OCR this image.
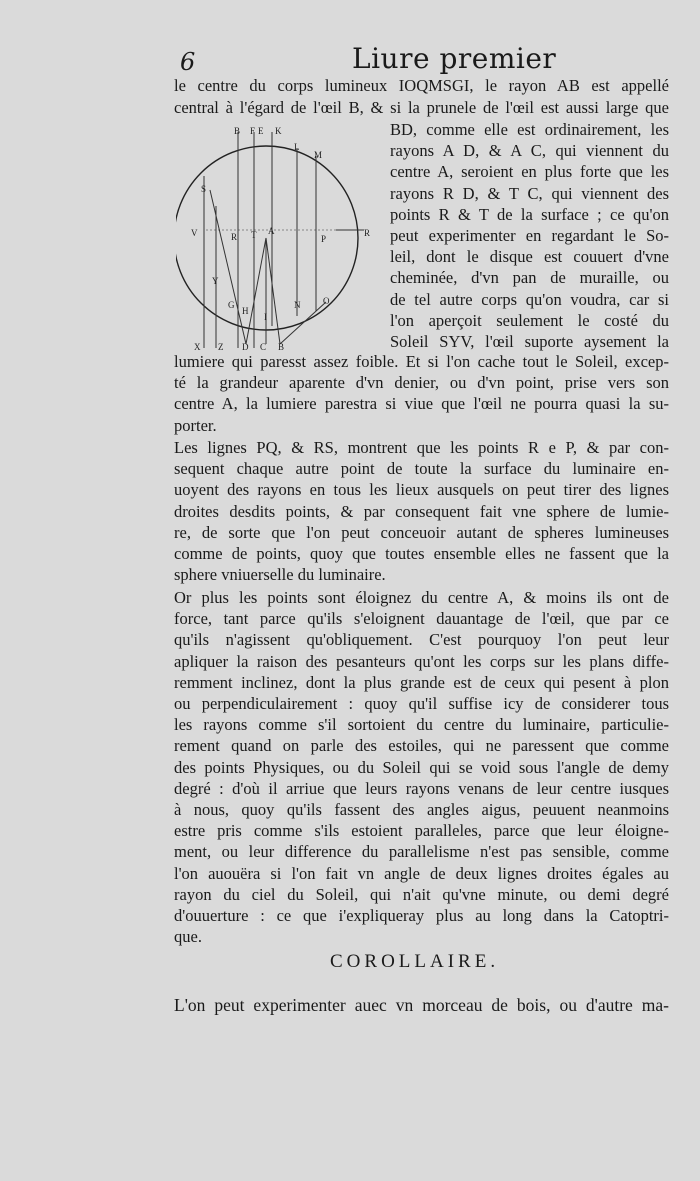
6	Liure premier
le centre du corps lumineux IOQMSGI, le rayon AB est appellé
central à l'égard de l'œil B, & si la prunele de l'œil est aussi large que
B F E K
L
M
S
V	R
R T A
P
Y
G
H
I
N	O
X Z D C B
BD, comme elle est ordinairement, les
rayons A D, & A C, qui viennent du
centre A, seroient en plus forte que les
rayons R D, & T C, qui viennent des
points R & T de la surface ; ce qu'on
peut experimenter en regardant le So-
leil, dont le disque est couuert d'vne
cheminée, d'vn pan de muraille, ou
de tel autre corps qu'on voudra, car si
l'on aperçoit seulement le costé du
Soleil SYV, l'œil suporte aysement la
lumiere qui paresst assez foible. Et si l'on cache tout le Soleil, excep-
té la grandeur aparente d'vn denier, ou d'vn point, prise vers son
centre A, la lumiere parestra si viue que l'œil ne pourra quasi la su-
porter.
Les lignes PQ, & RS, montrent que les points R e P, & par con-
sequent chaque autre point de toute la surface du luminaire en-
uoyent des rayons en tous les lieux ausquels on peut tirer des lignes
droites desdits points, & par consequent fait vne sphere de lumie-
re, de sorte que l'on peut conceuoir autant de spheres lumineuses
comme de points, quoy que toutes ensemble elles ne fassent que la
sphere vniuerselle du luminaire.
Or plus les points sont éloignez du centre A, & moins ils ont de
force, tant parce qu'ils s'eloignent dauantage de l'œil, que par ce
qu'ils n'agissent qu'obliquement. C'est pourquoy l'on peut leur
apliquer la raison des pesanteurs qu'ont les corps sur les plans diffe-
remment inclinez, dont la plus grande est de ceux qui pesent à plon
ou perpendiculairement : quoy qu'il suffise icy de considerer tous
les rayons comme s'il sortoient du centre du luminaire, particulie-
rement quand on parle des estoiles, qui ne paressent que comme
des points Physiques, ou du Soleil qui se void sous l'angle de demy
degré : d'où il arriue que leurs rayons venans de leur centre iusques
à nous, quoy qu'ils fassent des angles aigus, peuuent neanmoins
estre pris comme s'ils estoient paralleles, parce que leur éloigne-
ment, ou leur difference du parallelisme n'est pas sensible, comme
l'on auouëra si l'on fait vn angle de deux lignes droites égales au
rayon du ciel du Soleil, qui n'ait qu'vne minute, ou demi degré
d'ouuerture : ce que i'expliqueray plus au long dans la Catoptri-
que.
COROLLAIRE.
L'on peut experimenter auec vn morceau de bois, ou d'autre ma-
